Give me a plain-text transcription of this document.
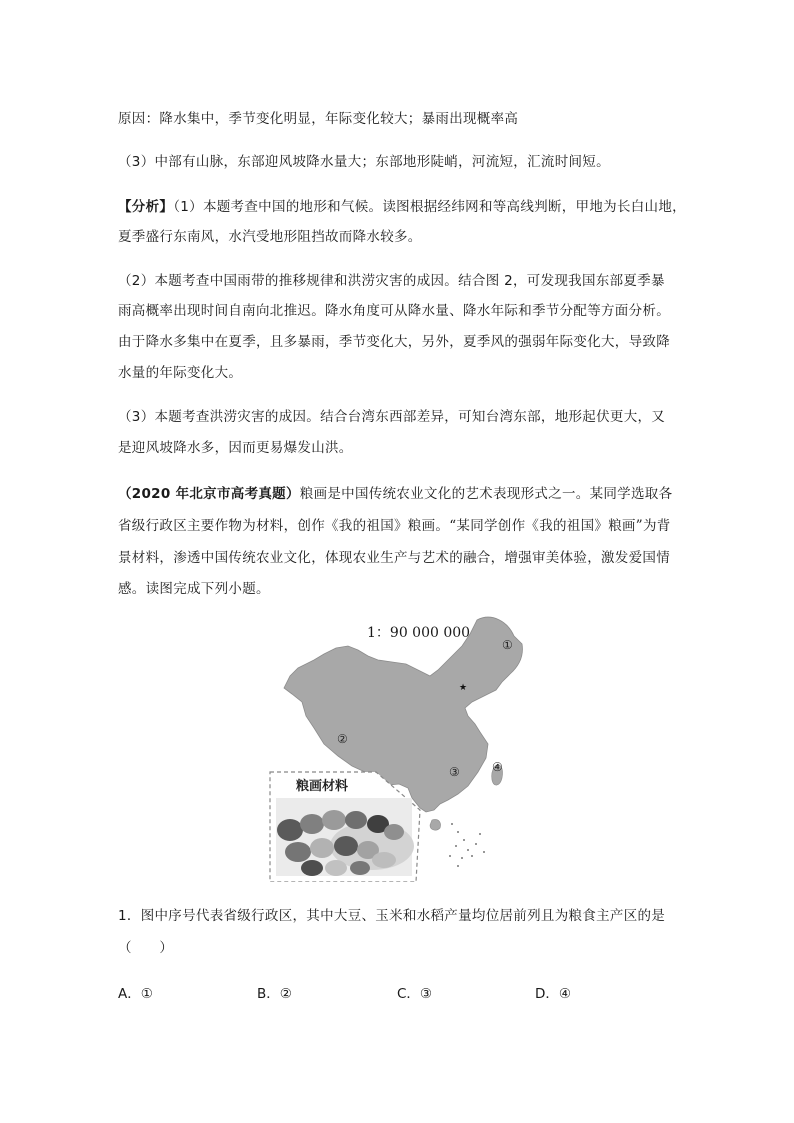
原因：降水集中，季节变化明显，年际变化较大；暴雨出现概率高
（3）中部有山脉，东部迎风坡降水量大；东部地形陡峭，河流短，汇流时间短。
【分析】（1）本题考查中国的地形和气候。读图根据经纬网和等高线判断，甲地为长白山地，
夏季盛行东南风，水汽受地形阻挡故而降水较多。
（2）本题考查中国雨带的推移规律和洪涝灾害的成因。结合图 2，可发现我国东部夏季暴
雨高概率出现时间自南向北推迟。降水角度可从降水量、降水年际和季节分配等方面分析。
由于降水多集中在夏季，且多暴雨，季节变化大，另外，夏季风的强弱年际变化大，导致降
水量的年际变化大。
（3）本题考查洪涝灾害的成因。结合台湾东西部差异，可知台湾东部，地形起伏更大，又
是迎风坡降水多，因而更易爆发山洪。
（2020 年北京市高考真题）粮画是中国传统农业文化的艺术表现形式之一。某同学选取各
省级行政区主要作物为材料，创作《我的祖国》粮画。“某同学创作《我的祖国》粮画”为背
景材料，渗透中国传统农业文化，体现农业生产与艺术的融合，增强审美体验，激发爱国情
感。读图完成下列小题。
1：90 000 000
★
①
②
③	④
粮画材料
1．图中序号代表省级行政区，其中大豆、玉米和水稻产量均位居前列且为粮食主产区的是
（　　）
A．①	B．②	C．③	D．④
